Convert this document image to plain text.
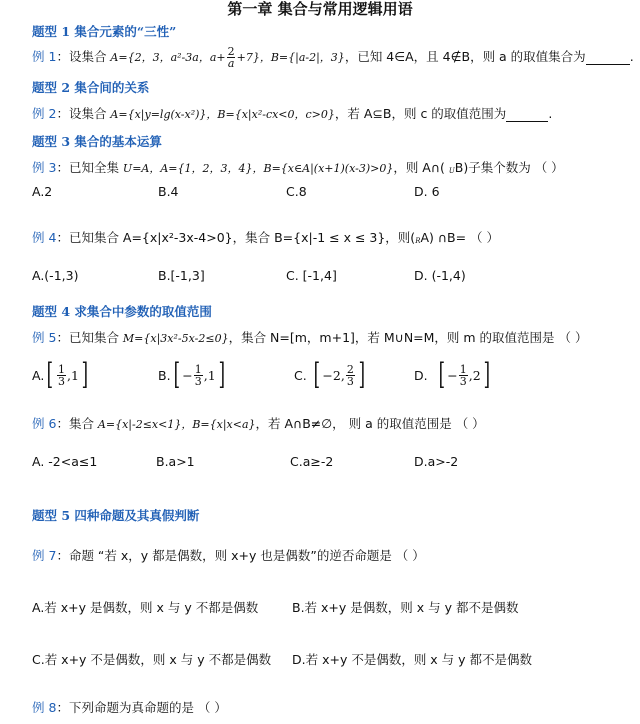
第一章 集合与常用逻辑用语
题型 1 集合元素的“三性”
例 1：设集合 A={2，3，a²-3a，$a+ \frac{2}{a} +7$}，B={|a-2|，3}，已知 4∈A，且 4∉B，则 a 的取值集合为	.
题型 2 集合间的关系
例 2：设集合 A={x|y=lg(x-x²)}，B={x|x²-cx<0，c>0}，若 A⊆B，则 c 的取值范围为	.
题型 3 集合的基本运算
例 3：已知全集 U=A，A={1，2，3，4}，B={x∈A|(x+1)(x-3)>0}，则 A∩( UB)子集个数为 （ ）
A.2	B.4	C.8	D. 6
例 4：已知集合 A={x|x²-3x-4>0}，集合 B={x|-1 ≤ x ≤ 3}，则(RA) ∩B= （ ）
A.(-1,3)	B.[-1,3]	C. [-1,4]	D. (-1,4)
题型 4 求集合中参数的取值范围
例 5：已知集合 M={x|3x²-5x-2≤0}，集合 N=[m，m+1]，若 M∪N=M，则 m 的取值范围是 （ ）
A. [ $\frac{1}{3} ,1$ ]	B. [ − $\frac{1}{3} ,1$ ]	C.
[ −2, $\frac{2}{3}$ ]	D.
[ − $\frac{1}{3} ,2$ ]
例 6：集合 A={x|-2≤x<1}，B={x|x<a}，若 A∩B≠∅， 则 a 的取值范围是 （ ）
A. -2<a≤1	B.a>1	C.a≥-2	D.a>-2
题型 5 四种命题及其真假判断
例 7：命题 “若 x，y 都是偶数，则 x+y 也是偶数”的逆否命题是 （ ）
A.若 x+y 是偶数，则 x 与 y 不都是偶数	B.若 x+y 是偶数，则 x 与 y 都不是偶数
C.若 x+y 不是偶数，则 x 与 y 不都是偶数 D.若 x+y 不是偶数，则 x 与 y 都不是偶数
例 8：下列命题为真命题的是 （ ）
